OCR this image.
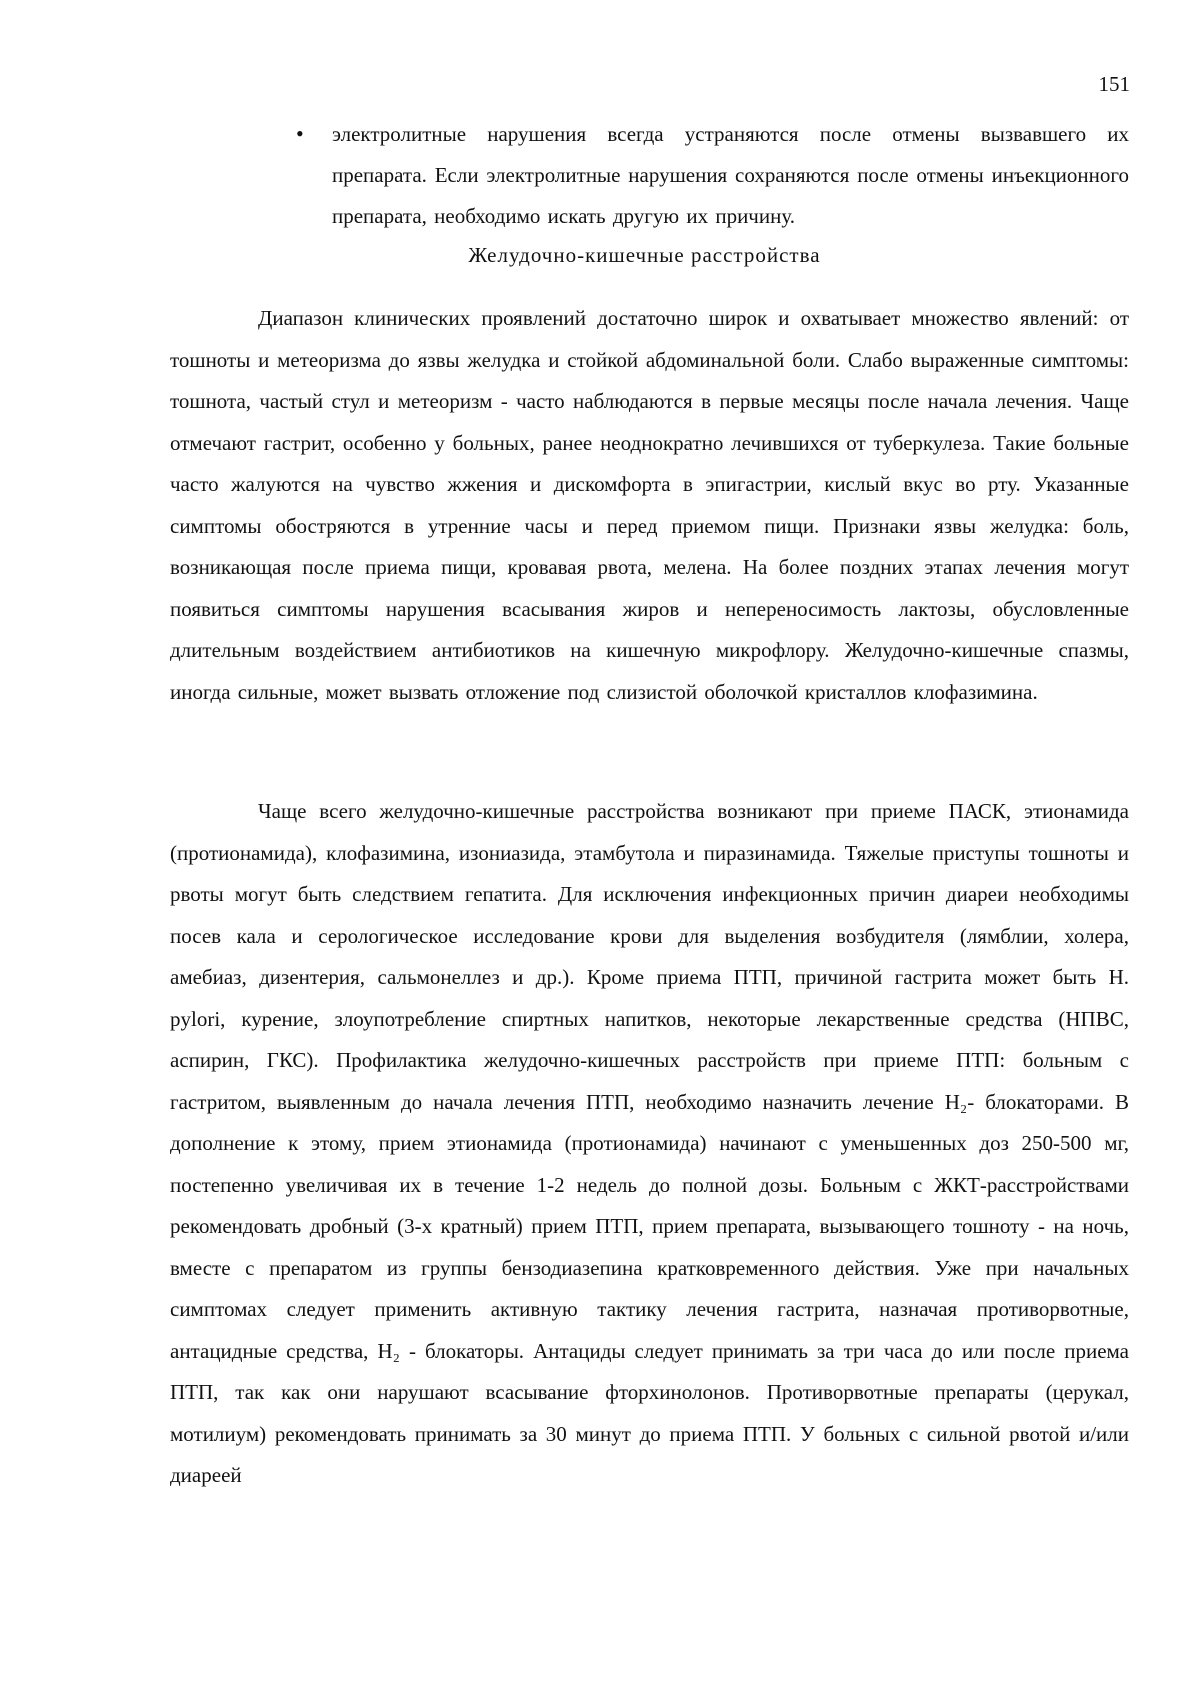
151
• электролитные нарушения всегда устраняются после отмены вызвавшего их препарата. Если электролитные нарушения сохраняются после отмены инъекционного препарата, необходимо искать другую их причину.
Желудочно-кишечные расстройства

Диапазон клинических проявлений достаточно широк и охватывает множество явлений: от тошноты и метеоризма до язвы желудка и стойкой абдоминальной боли. Слабо выраженные симптомы: тошнота, частый стул и метеоризм - часто наблюдаются в первые месяцы после начала лечения. Чаще отмечают гастрит, особенно у больных, ранее неоднократно лечившихся от туберкулеза. Такие больные часто жалуются на чувство жжения и дискомфорта в эпигастрии, кислый вкус во рту. Указанные симптомы обостряются в утренние часы и перед приемом пищи. Признаки язвы желудка: боль, возникающая после приема пищи, кровавая рвота, мелена. На более поздних этапах лечения могут появиться симптомы нарушения всасывания жиров и непереносимость лактозы, обусловленные длительным воздействием антибиотиков на кишечную микрофлору. Желудочно-кишечные спазмы, иногда сильные, может вызвать отложение под слизистой оболочкой кристаллов клофазимина.

Чаще всего желудочно-кишечные расстройства возникают при приеме ПАСК, этионамида (протионамида), клофазимина, изониазида, этамбутола и пиразинамида. Тяжелые приступы тошноты и рвоты могут быть следствием гепатита. Для исключения инфекционных причин диареи необходимы посев кала и серологическое исследование крови для выделения возбудителя (лямблии, холера, амебиаз, дизентерия, сальмонеллез и др.). Кроме приема ПТП, причиной гастрита может быть H. pylori, курение, злоупотребление спиртных напитков, некоторые лекарственные средства (НПВС, аспирин, ГКС). Профилактика желудочно-кишечных расстройств при приеме ПТП: больным с гастритом, выявленным до начала лечения ПТП, необходимо назначить лечение H₂- блокаторами. В дополнение к этому, прием этионамида (протионамида) начинают с уменьшенных доз 250-500 мг, постепенно увеличивая их в течение 1-2 недель до полной дозы. Больным с ЖКТ-расстройствами рекомендовать дробный (3-х кратный) прием ПТП, прием препарата, вызывающего тошноту - на ночь, вместе с препаратом из группы бензодиазепина кратковременного действия. Уже при начальных симптомах следует применить активную тактику лечения гастрита, назначая противорвотные, антацидные средства, H₂ - блокаторы. Антациды следует принимать за три часа до или после приема ПТП, так как они нарушают всасывание фторхинолонов. Противорвотные препараты (церукал, мотилиум) рекомендовать принимать за 30 минут до приема ПТП. У больных с сильной рвотой и/или диареей
